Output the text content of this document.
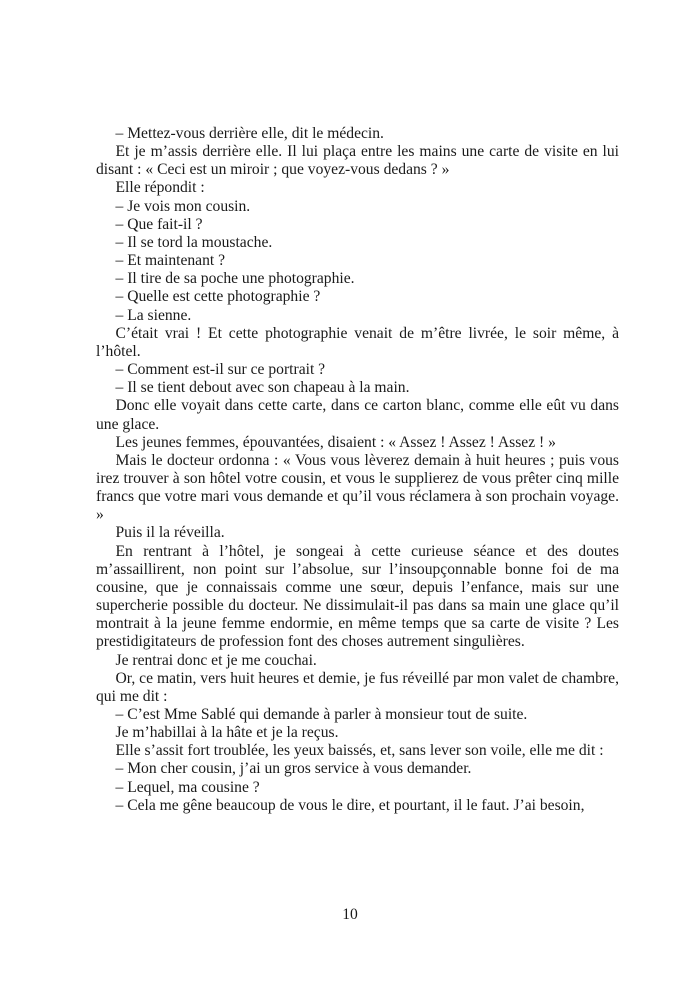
– Mettez-vous derrière elle, dit le médecin.

Et je m’assis derrière elle. Il lui plaça entre les mains une carte de visite en lui disant : « Ceci est un miroir ; que voyez-vous dedans ? »

Elle répondit :

– Je vois mon cousin.

– Que fait-il ?

– Il se tord la moustache.

– Et maintenant ?

– Il tire de sa poche une photographie.

– Quelle est cette photographie ?

– La sienne.

C’était vrai ! Et cette photographie venait de m’être livrée, le soir même, à l’hôtel.

– Comment est-il sur ce portrait ?

– Il se tient debout avec son chapeau à la main.

Donc elle voyait dans cette carte, dans ce carton blanc, comme elle eût vu dans une glace.

Les jeunes femmes, épouvantées, disaient : « Assez ! Assez ! Assez ! »

Mais le docteur ordonna : « Vous vous lèverez demain à huit heures ; puis vous irez trouver à son hôtel votre cousin, et vous le supplierez de vous prêter cinq mille francs que votre mari vous demande et qu’il vous réclamera à son prochain voyage. »

Puis il la réveilla.

En rentrant à l’hôtel, je songeai à cette curieuse séance et des doutes m’assaillirent, non point sur l’absolue, sur l’insoupçonnable bonne foi de ma cousine, que je connaissais comme une sœur, depuis l’enfance, mais sur une supercherie possible du docteur. Ne dissimulait-il pas dans sa main une glace qu’il montrait à la jeune femme endormie, en même temps que sa carte de visite ? Les prestidigitateurs de profession font des choses autrement singulières.

Je rentrai donc et je me couchai.

Or, ce matin, vers huit heures et demie, je fus réveillé par mon valet de chambre, qui me dit :

– C’est Mme Sablé qui demande à parler à monsieur tout de suite.

Je m’habillai à la hâte et je la reçus.

Elle s’assit fort troublée, les yeux baissés, et, sans lever son voile, elle me dit :

– Mon cher cousin, j’ai un gros service à vous demander.

– Lequel, ma cousine ?

– Cela me gêne beaucoup de vous le dire, et pourtant, il le faut. J’ai besoin,

10
